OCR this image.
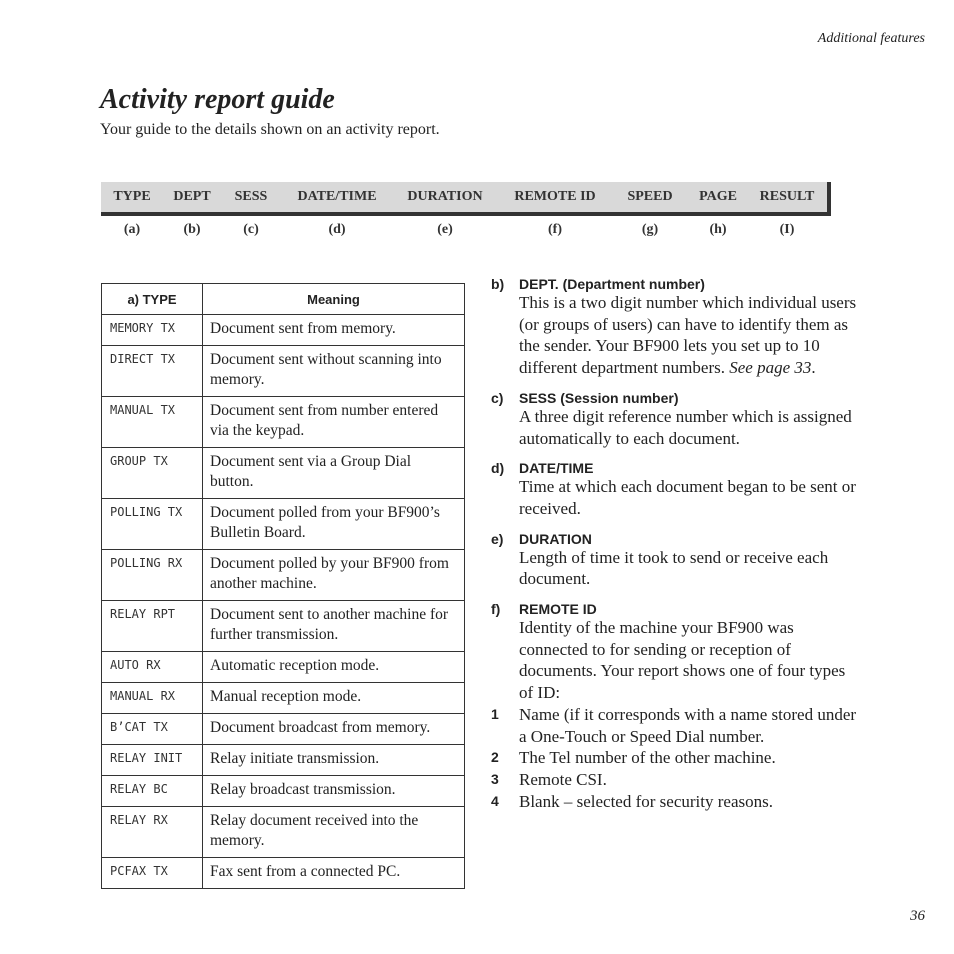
Additional features
Activity report guide
Your guide to the details shown on an activity report.
TYPE DEPT SESS DATE/TIME DURATION REMOTE ID SPEED PAGE RESULT
(a)	(b)	(c)	(d)	(e)	(f)	(g)	(h)	(I)
a) TYPE	Meaning
MEMORY TX	Document sent from memory.
DIRECT TX	Document sent without scanning into memory.
MANUAL TX	Document sent from number entered via the keypad.
GROUP TX	Document sent via a Group Dial button.
POLLING TX	Document polled from your BF900’s Bulletin Board.
POLLING RX	Document polled by your BF900 from another machine.
RELAY RPT	Document sent to another machine for further transmission.
AUTO RX	Automatic reception mode.
MANUAL RX	Manual reception mode.
B’CAT TX	Document broadcast from memory.
RELAY INIT	Relay initiate transmission.
RELAY BC	Relay broadcast transmission.
RELAY RX	Relay document received into the memory.
PCFAX TX	Fax sent from a connected PC.
b) DEPT. (Department number)
This is a two digit number which individual users (or groups of users) can have to identify them as the sender. Your BF900 lets you set up to 10 different department numbers. See page 33.
c) SESS (Session number)
A three digit reference number which is assigned automatically to each document.
d) DATE/TIME
Time at which each document began to be sent or received.
e) DURATION
Length of time it took to send or receive each document.
f) REMOTE ID
Identity of the machine your BF900 was connected to for sending or reception of documents. Your report shows one of four types of ID:
1 Name (if it corresponds with a name stored under a One-Touch or Speed Dial number.
2 The Tel number of the other machine.
3 Remote CSI.
4 Blank – selected for security reasons.
36
